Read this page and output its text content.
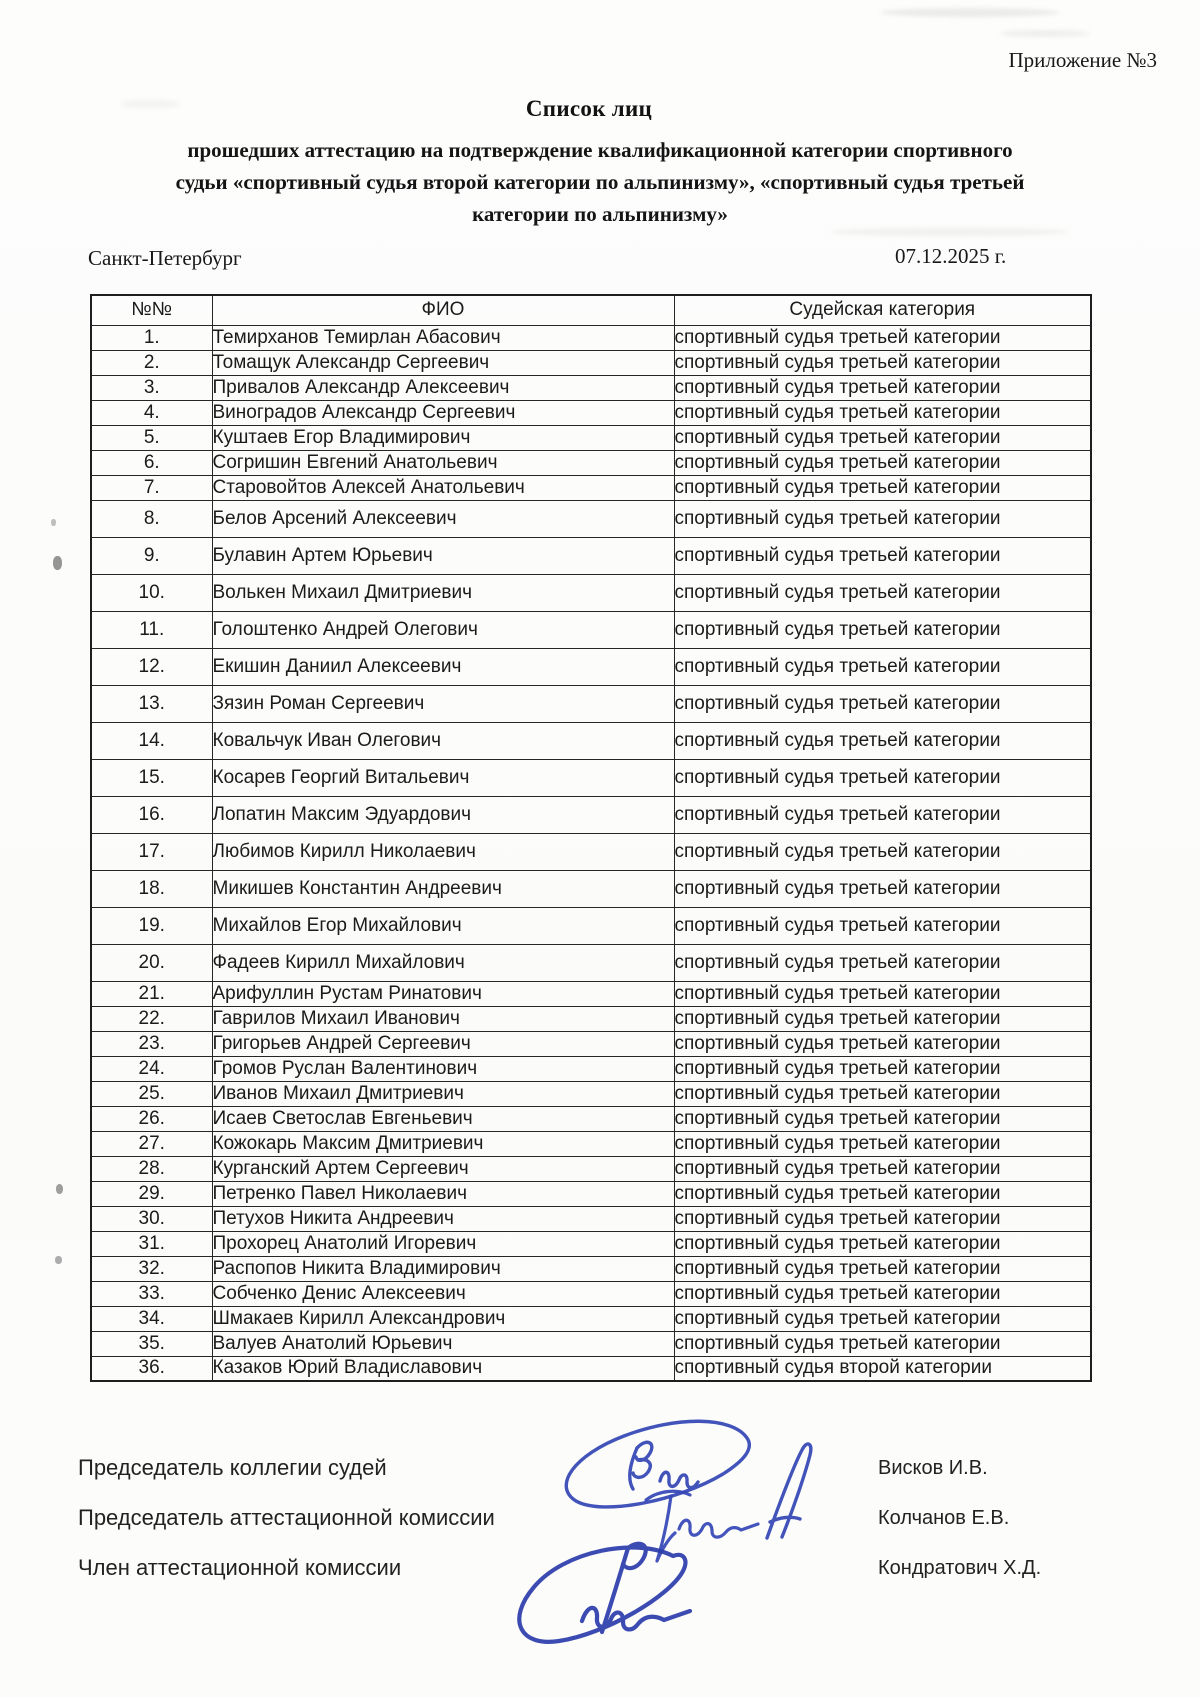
Приложение №3
Список лиц
прошедших аттестацию на подтверждение квалификационной категории спортивного
судьи «спортивный судья второй категории по альпинизму», «спортивный судья третьей
категории по альпинизму»
Санкт-Петербург	07.12.2025 г.
№№	ФИО	Судейская категория
1.	Темирханов Темирлан Абасович	спортивный судья третьей категории
2.	Томащук Александр Сергеевич	спортивный судья третьей категории
3.	Привалов Александр Алексеевич	спортивный судья третьей категории
4.	Виноградов Александр Сергеевич	спортивный судья третьей категории
5.	Куштаев Егор Владимирович	спортивный судья третьей категории
6.	Согришин Евгений Анатольевич	спортивный судья третьей категории
7.	Старовойтов Алексей Анатольевич	спортивный судья третьей категории
8.	Белов Арсений Алексеевич	спортивный судья третьей категории
9.	Булавин Артем Юрьевич	спортивный судья третьей категории
10.	Волькен Михаил Дмитриевич	спортивный судья третьей категории
11.	Голоштенко Андрей Олегович	спортивный судья третьей категории
12.	Екишин Даниил Алексеевич	спортивный судья третьей категории
13.	Зязин Роман Сергеевич	спортивный судья третьей категории
14.	Ковальчук Иван Олегович	спортивный судья третьей категории
15.	Косарев Георгий Витальевич	спортивный судья третьей категории
16.	Лопатин Максим Эдуардович	спортивный судья третьей категории
17.	Любимов Кирилл Николаевич	спортивный судья третьей категории
18.	Микишев Константин Андреевич	спортивный судья третьей категории
19.	Михайлов Егор Михайлович	спортивный судья третьей категории
20.	Фадеев Кирилл Михайлович	спортивный судья третьей категории
21.	Арифуллин Рустам Ринатович	спортивный судья третьей категории
22.	Гаврилов Михаил Иванович	спортивный судья третьей категории
23.	Григорьев Андрей Сергеевич	спортивный судья третьей категории
24.	Громов Руслан Валентинович	спортивный судья третьей категории
25.	Иванов Михаил Дмитриевич	спортивный судья третьей категории
26.	Исаев Светослав Евгеньевич	спортивный судья третьей категории
27.	Кожокарь Максим Дмитриевич	спортивный судья третьей категории
28.	Курганский Артем Сергеевич	спортивный судья третьей категории
29.	Петренко Павел Николаевич	спортивный судья третьей категории
30.	Петухов Никита Андреевич	спортивный судья третьей категории
31.	Прохорец Анатолий Игоревич	спортивный судья третьей категории
32.	Распопов Никита Владимирович	спортивный судья третьей категории
33.	Собченко Денис Алексеевич	спортивный судья третьей категории
34.	Шмакаев Кирилл Александрович	спортивный судья третьей категории
35.	Валуев Анатолий Юрьевич	спортивный судья третьей категории
36.	Казаков Юрий Владиславович	спортивный судья второй категории
Председатель коллегии судей	Висков И.В.
Председатель аттестационной комиссии	Колчанов Е.В.
Член аттестационной комиссии	Кондратович Х.Д.
